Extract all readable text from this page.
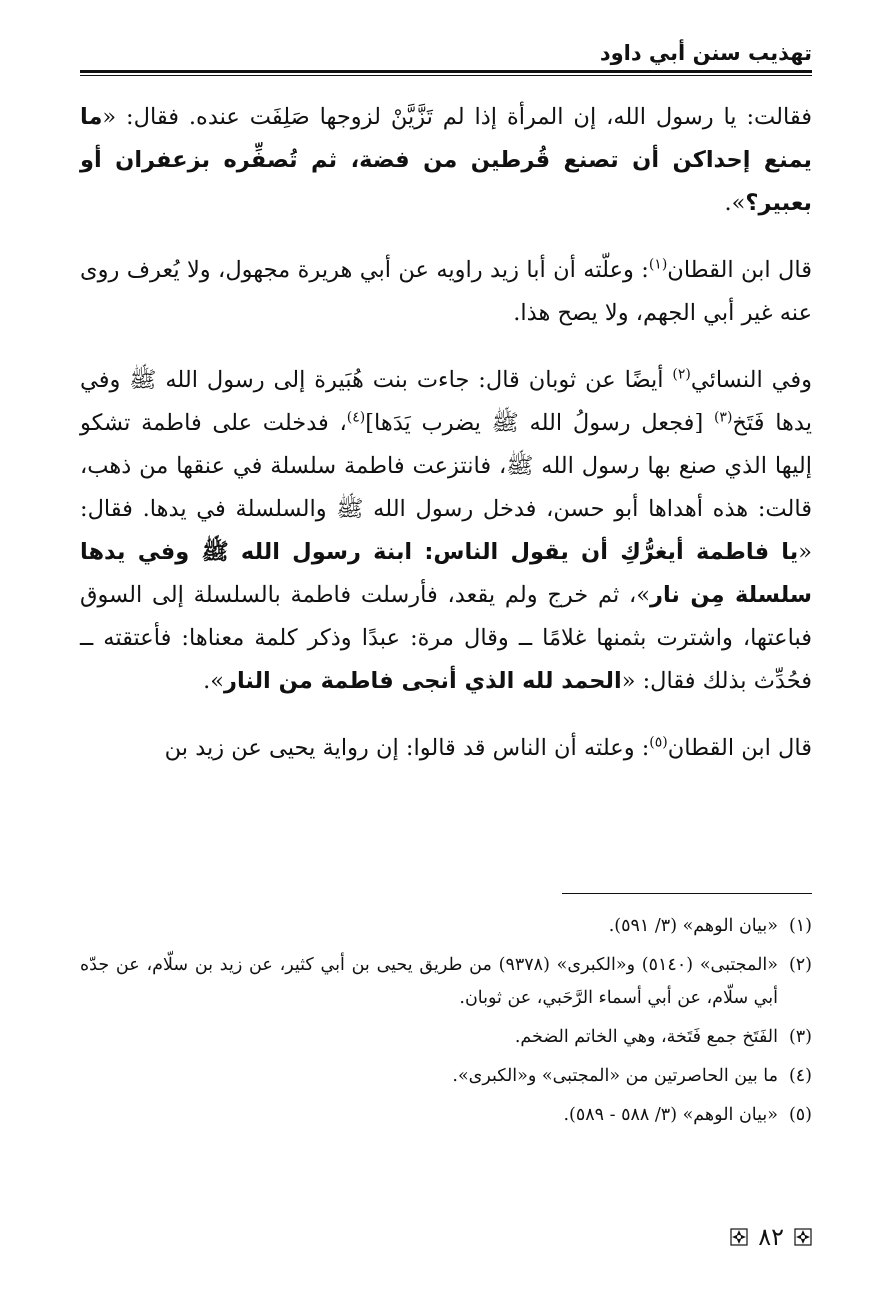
تهذيب سنن أبي داود

فقالت: يا رسول الله، إن المرأة إذا لم تَزَّيَّنْ لزوجها صَلِفَت عنده. فقال: «ما يمنع إحداكن أن تصنع قُرطين من فضة، ثم تُصفِّره بزعفران أو بعبير؟».

قال ابن القطان$^{(١)}$: وعلّته أن أبا زيد راويه عن أبي هريرة مجهول، ولا يُعرف روى عنه غير أبي الجهم، ولا يصح هذا.

وفي النسائي$^{(٢)}$ أيضًا عن ثوبان قال: جاءت بنت هُبَيرة إلى رسول الله ﷺ وفي يدها فَتَخ$^{(٣)}$ [فجعل رسولُ الله ﷺ يضرب يَدَها]$^{(٤)}$، فدخلت على فاطمة تشكو إليها الذي صنع بها رسول الله ﷺ، فانتزعت فاطمة سلسلة في عنقها من ذهب، قالت: هذه أهداها أبو حسن، فدخل رسول الله ﷺ والسلسلة في يدها. فقال: «يا فاطمة أيغرُّكِ أن يقول الناس: ابنة رسول الله ﷺ وفي يدها سلسلة مِن نار»، ثم خرج ولم يقعد، فأرسلت فاطمة بالسلسلة إلى السوق فباعتها، واشترت بثمنها غلامًا ــ وقال مرة: عبدًا وذكر كلمة معناها: فأعتقته ــ فحُدِّث بذلك فقال: «الحمد لله الذي أنجى فاطمة من النار».

قال ابن القطان$^{(٥)}$: وعلته أن الناس قد قالوا: إن رواية يحيى عن زيد بن

(١)
«بيان الوهم» (٣/ ٥٩١).
(٢)
«المجتبى» (٥١٤٠) و«الكبرى» (٩٣٧٨) من طريق يحيى بن أبي كثير، عن زيد بن سلّام، عن جدّه أبي سلّام، عن أبي أسماء الرَّحَبي، عن ثوبان.
(٣)
الفَتَخ جمع فَتَخة، وهي الخاتم الضخم.
(٤)
ما بين الحاصرتين من «المجتبى» و«الكبرى».
(٥)
«بيان الوهم» (٣/ ٥٨٨ - ٥٨٩).
٨٢
